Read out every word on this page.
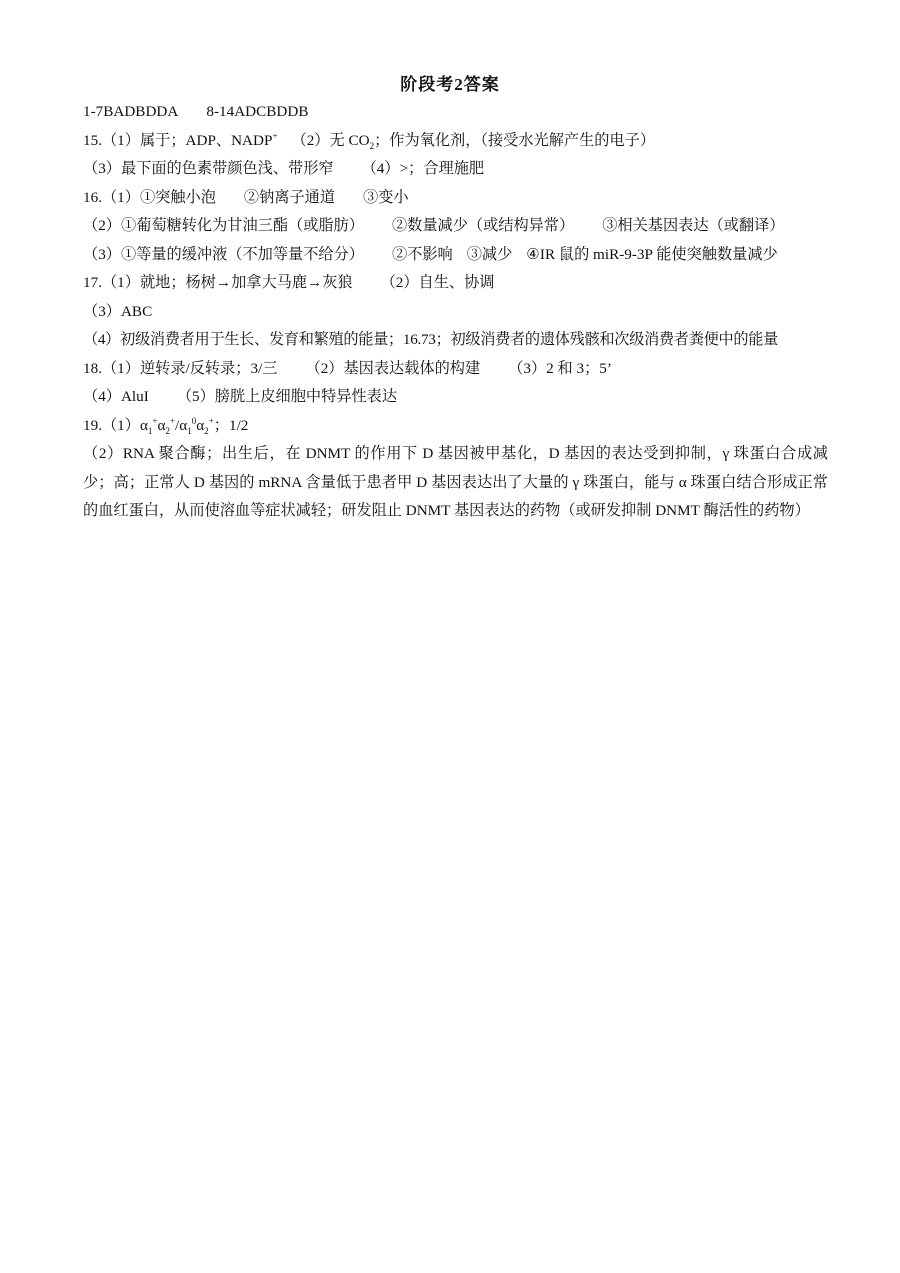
阶段考2答案
1-7BADBDDA 8-14ADCBDDB
15.（1）属于；ADP、NADP+ （2）无 $CO_2$；作为氧化剂，（接受水光解产生的电子）
（3）最下面的色素带颜色浅、带形窄 （4）>；合理施肥
16.（1）①突触小泡 ②钠离子通道 ③变小
（2）①葡萄糖转化为甘油三酯（或脂肪） ②数量减少（或结构异常） ③相关基因表达（或翻译）
（3）①等量的缓冲液（不加等量不给分） ②不影响 ③减少 ④IR 鼠的 miR-9-3P 能使突触数量减少
17.（1）就地；杨树→加拿大马鹿→灰狼 （2）自生、协调
（3）ABC
（4）初级消费者用于生长、发育和繁殖的能量；16.73；初级消费者的遗体残骸和次级消费者粪便中的能量
18.（1）逆转录/反转录；3/三 （2）基因表达载体的构建 （3）2 和 3；5’
（4）AluI （5）膀胱上皮细胞中特异性表达
$19.(1)\alpha_1^+\alpha_2^+/\alpha_1^0\alpha_2^+$；1/2
（2）RNA 聚合酶；出生后，在 DNMT 的作用下 D 基因被甲基化，D 基因的表达受到抑制，γ 珠蛋白合成减少；高；正常人 D 基因的 mRNA 含量低于患者甲 D 基因表达出了大量的 γ 珠蛋白，能与 α 珠蛋白结合形成正常的血红蛋白，从而使溶血等症状减轻；研发阻止 DNMT 基因表达的药物（或研发抑制 DNMT 酶活性的药物）
